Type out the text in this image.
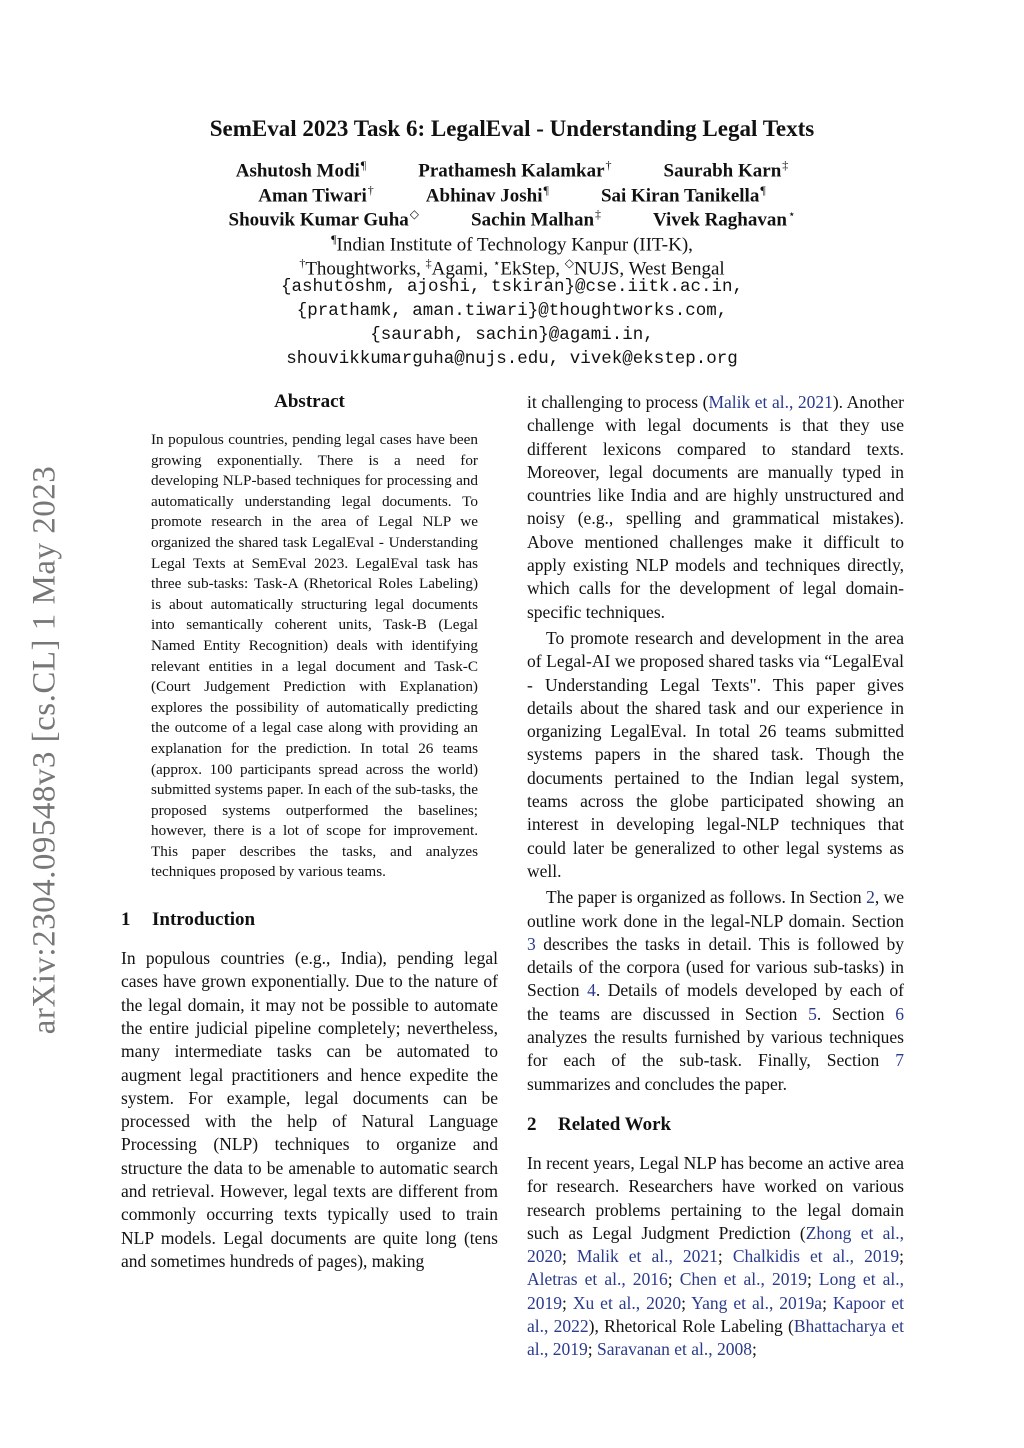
arXiv:2304.09548v3 [cs.CL] 1 May 2023
SemEval 2023 Task 6: LegalEval - Understanding Legal Texts
Ashutosh Modi¶	Prathamesh Kalamkar†	Saurabh Karn‡
Aman Tiwari†	Abhinav Joshi¶	Sai Kiran Tanikella¶
Shouvik Kumar Guha◇	Sachin Malhan‡	Vivek Raghavan⋆
¶Indian Institute of Technology Kanpur (IIT-K),
†Thoughtworks, ‡Agami, ⋆EkStep, ◇NUJS, West Bengal
{ashutoshm, ajoshi, tskiran}@cse.iitk.ac.in,
{prathamk, aman.tiwari}@thoughtworks.com,
{saurabh, sachin}@agami.in,
shouvikkumarguha@nujs.edu, vivek@ekstep.org
Abstract

In populous countries, pending legal cases have been growing exponentially. There is a need for developing NLP-based techniques for processing and automatically understanding legal documents. To promote research in the area of Legal NLP we organized the shared task LegalEval - Understanding Legal Texts at SemEval 2023. LegalEval task has three sub-tasks: Task-A (Rhetorical Roles Labeling) is about automatically structuring legal documents into semantically coherent units, Task-B (Legal Named Entity Recognition) deals with identifying relevant entities in a legal document and Task-C (Court Judgement Prediction with Explanation) explores the possibility of automatically predicting the outcome of a legal case along with providing an explanation for the prediction. In total 26 teams (approx. 100 participants spread across the world) submitted systems paper. In each of the sub-tasks, the proposed systems outperformed the baselines; however, there is a lot of scope for improvement. This paper describes the tasks, and analyzes techniques proposed by various teams.

1 Introduction

In populous countries (e.g., India), pending legal cases have grown exponentially. Due to the nature of the legal domain, it may not be possible to automate the entire judicial pipeline completely; nevertheless, many intermediate tasks can be automated to augment legal practitioners and hence expedite the system. For example, legal documents can be processed with the help of Natural Language Processing (NLP) techniques to organize and structure the data to be amenable to automatic search and retrieval. However, legal texts are different from commonly occurring texts typically used to train NLP models. Legal documents are quite long (tens and sometimes hundreds of pages), making

it challenging to process (Malik et al., 2021). Another challenge with legal documents is that they use different lexicons compared to standard texts. Moreover, legal documents are manually typed in countries like India and are highly unstructured and noisy (e.g., spelling and grammatical mistakes). Above mentioned challenges make it difficult to apply existing NLP models and techniques directly, which calls for the development of legal domain-specific techniques.

To promote research and development in the area of Legal-AI we proposed shared tasks via “LegalEval - Understanding Legal Texts". This paper gives details about the shared task and our experience in organizing LegalEval. In total 26 teams submitted systems papers in the shared task. Though the documents pertained to the Indian legal system, teams across the globe participated showing an interest in developing legal-NLP techniques that could later be generalized to other legal systems as well.

The paper is organized as follows. In Section 2, we outline work done in the legal-NLP domain. Section 3 describes the tasks in detail. This is followed by details of the corpora (used for various sub-tasks) in Section 4. Details of models developed by each of the teams are discussed in Section 5. Section 6 analyzes the results furnished by various techniques for each of the sub-task. Finally, Section 7 summarizes and concludes the paper.

2 Related Work

In recent years, Legal NLP has become an active area for research. Researchers have worked on various research problems pertaining to the legal domain such as Legal Judgment Prediction (Zhong et al., 2020; Malik et al., 2021; Chalkidis et al., 2019; Aletras et al., 2016; Chen et al., 2019; Long et al., 2019; Xu et al., 2020; Yang et al., 2019a; Kapoor et al., 2022), Rhetorical Role Labeling (Bhattacharya et al., 2019; Saravanan et al., 2008;
